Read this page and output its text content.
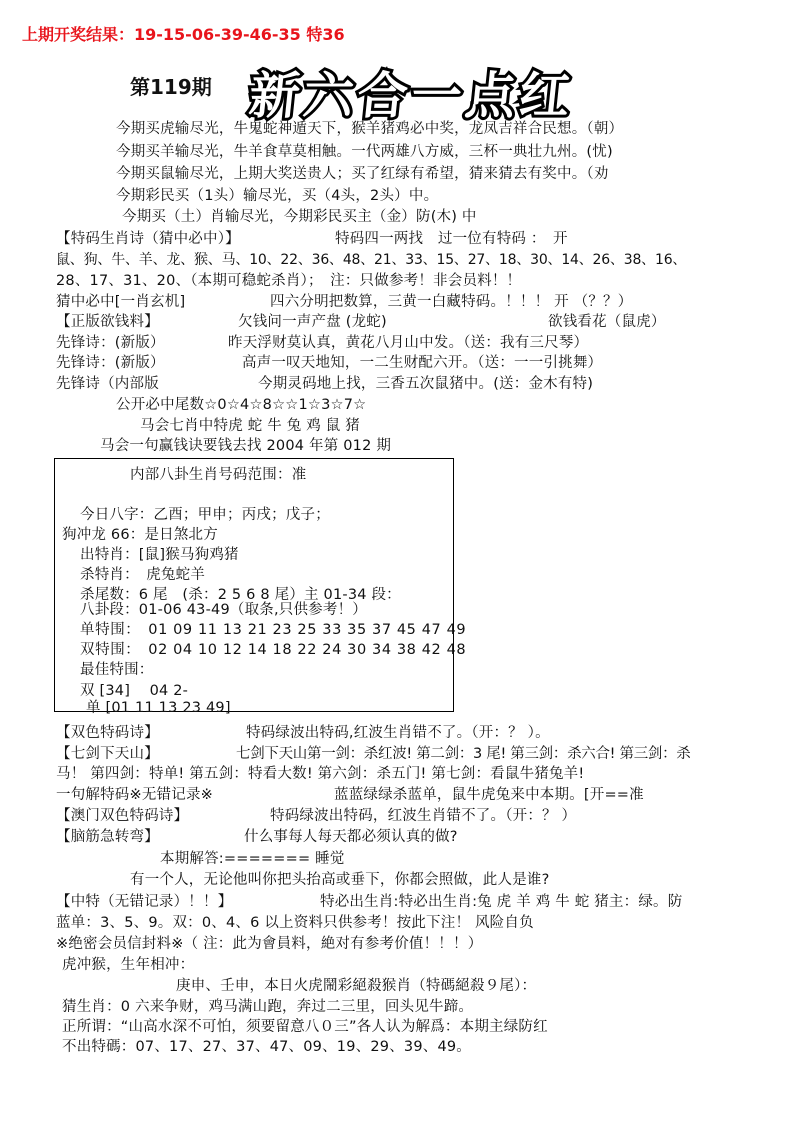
上期开奖结果：19-15-06-39-46-35 特36
第119期 新六合一点红
今期买虎输尽光，牛鬼蛇神遁天下，猴羊猪鸡必中奖，龙凤吉祥合民想。（朝）
今期买羊输尽光，牛羊食草莫相触。一代两雄八方威，三杯一典壮九州。(忧)
今期买鼠输尽光，上期大奖送贵人；买了红绿有希望，猜来猜去有奖中。（劝
今期彩民买（1头）输尽光，买（4头，2头）中。
今期买（土）肖输尽光，今期彩民买主（金）防(木) 中
【特码生肖诗（猜中必中）】	特码四一两找　过一位有特码 ：　开
鼠、狗、牛、羊、龙、猴、马、10、22、36、48、21、33、15、27、18、30、14、26、38、16、
28、17、31、20、（本期可稳蛇杀肖）；　注：只做参考！非会员料！！
猜中必中[一肖玄机]	四六分明把数算，三黄一白藏特码。！！！ 开 （？？）
【正版欲钱料】	欠钱问一声产盘 (龙蛇)	欲钱看花（鼠虎）
先锋诗：(新版）	昨天浮财莫认真，黄花八月山中发。（送：我有三尺琴）
先锋诗：(新版）	高声一叹天地知，一二生财配六开。（送：一一引挑舞）
先锋诗（内部版	今期灵码地上找，三香五次鼠猪中。(送：金木有特)
公开必中尾数☆0☆4☆8☆☆1☆3☆7☆
马会七肖中特虎 蛇 牛 兔 鸡 鼠 猪
马会一句赢钱诀要钱去找 2004 年第 012 期
内部八卦生肖号码范围：准
今日八字：乙酉；甲申；丙戌；戊子；
狗冲龙 66：是日煞北方
出特肖：[鼠]猴马狗鸡猪
杀特肖：　虎兔蛇羊
杀尾数：6 尾　(杀：2 5 6 8 尾）主 01-34 段：
八卦段：01-06 43-49（取条,只供参考！）
单特围：　01 09 11 13 21 23 25 33 35 37 45 47 49
双特围：　02 04 10 12 14 18 22 24 30 34 38 42 48
最佳特围：
双 [34]　 04 2-
单 [01 11 13 23 49]
【双色特码诗】	特码绿波出特码,红波生肖错不了。（开：？ ）。
【七剑下天山】	七剑下天山第一剑：杀红波! 第二剑：3 尾! 第三剑：杀六合! 第三剑：杀
马！ 第四剑：特单! 第五剑：特看大数! 第六剑：杀五门! 第七剑：看鼠牛猪兔羊!
一句解特码※无错记录※	蓝蓝绿绿杀蓝单，鼠牛虎兔来中本期。[开==准
【澳门双色特码诗】	特码绿波出特码，红波生肖错不了。（开：？ ）
【脑筋急转弯】	什么事每人每天都必须认真的做?
本期解答:======= 睡觉
有一个人，无论他叫你把头抬高或垂下，你都会照做，此人是谁?
【中特（无错记录）！！】	特必出生肖:特必出生肖:兔 虎 羊 鸡 牛 蛇 猪主：绿。防
蓝单：3、5、9。双：0、4、6 以上资料只供参考！按此下注！ 风险自负
※绝密会员信封料※（ 注：此为會員料，絶对有参考价值！！！）
虎冲猴，生年相冲：
庚申、壬申，本日火虎鬧彩絕殺猴肖（特碼絕殺９尾）：
猜生肖：0 六来争财，鸡马满山跑，奔过二三里，回头见牛蹄。
正所谓：“山高水深不可怕，须要留意八０三”各人认为解爲：本期主绿防红
不出特碼：07、17、27、37、47、09、19、29、39、49。
